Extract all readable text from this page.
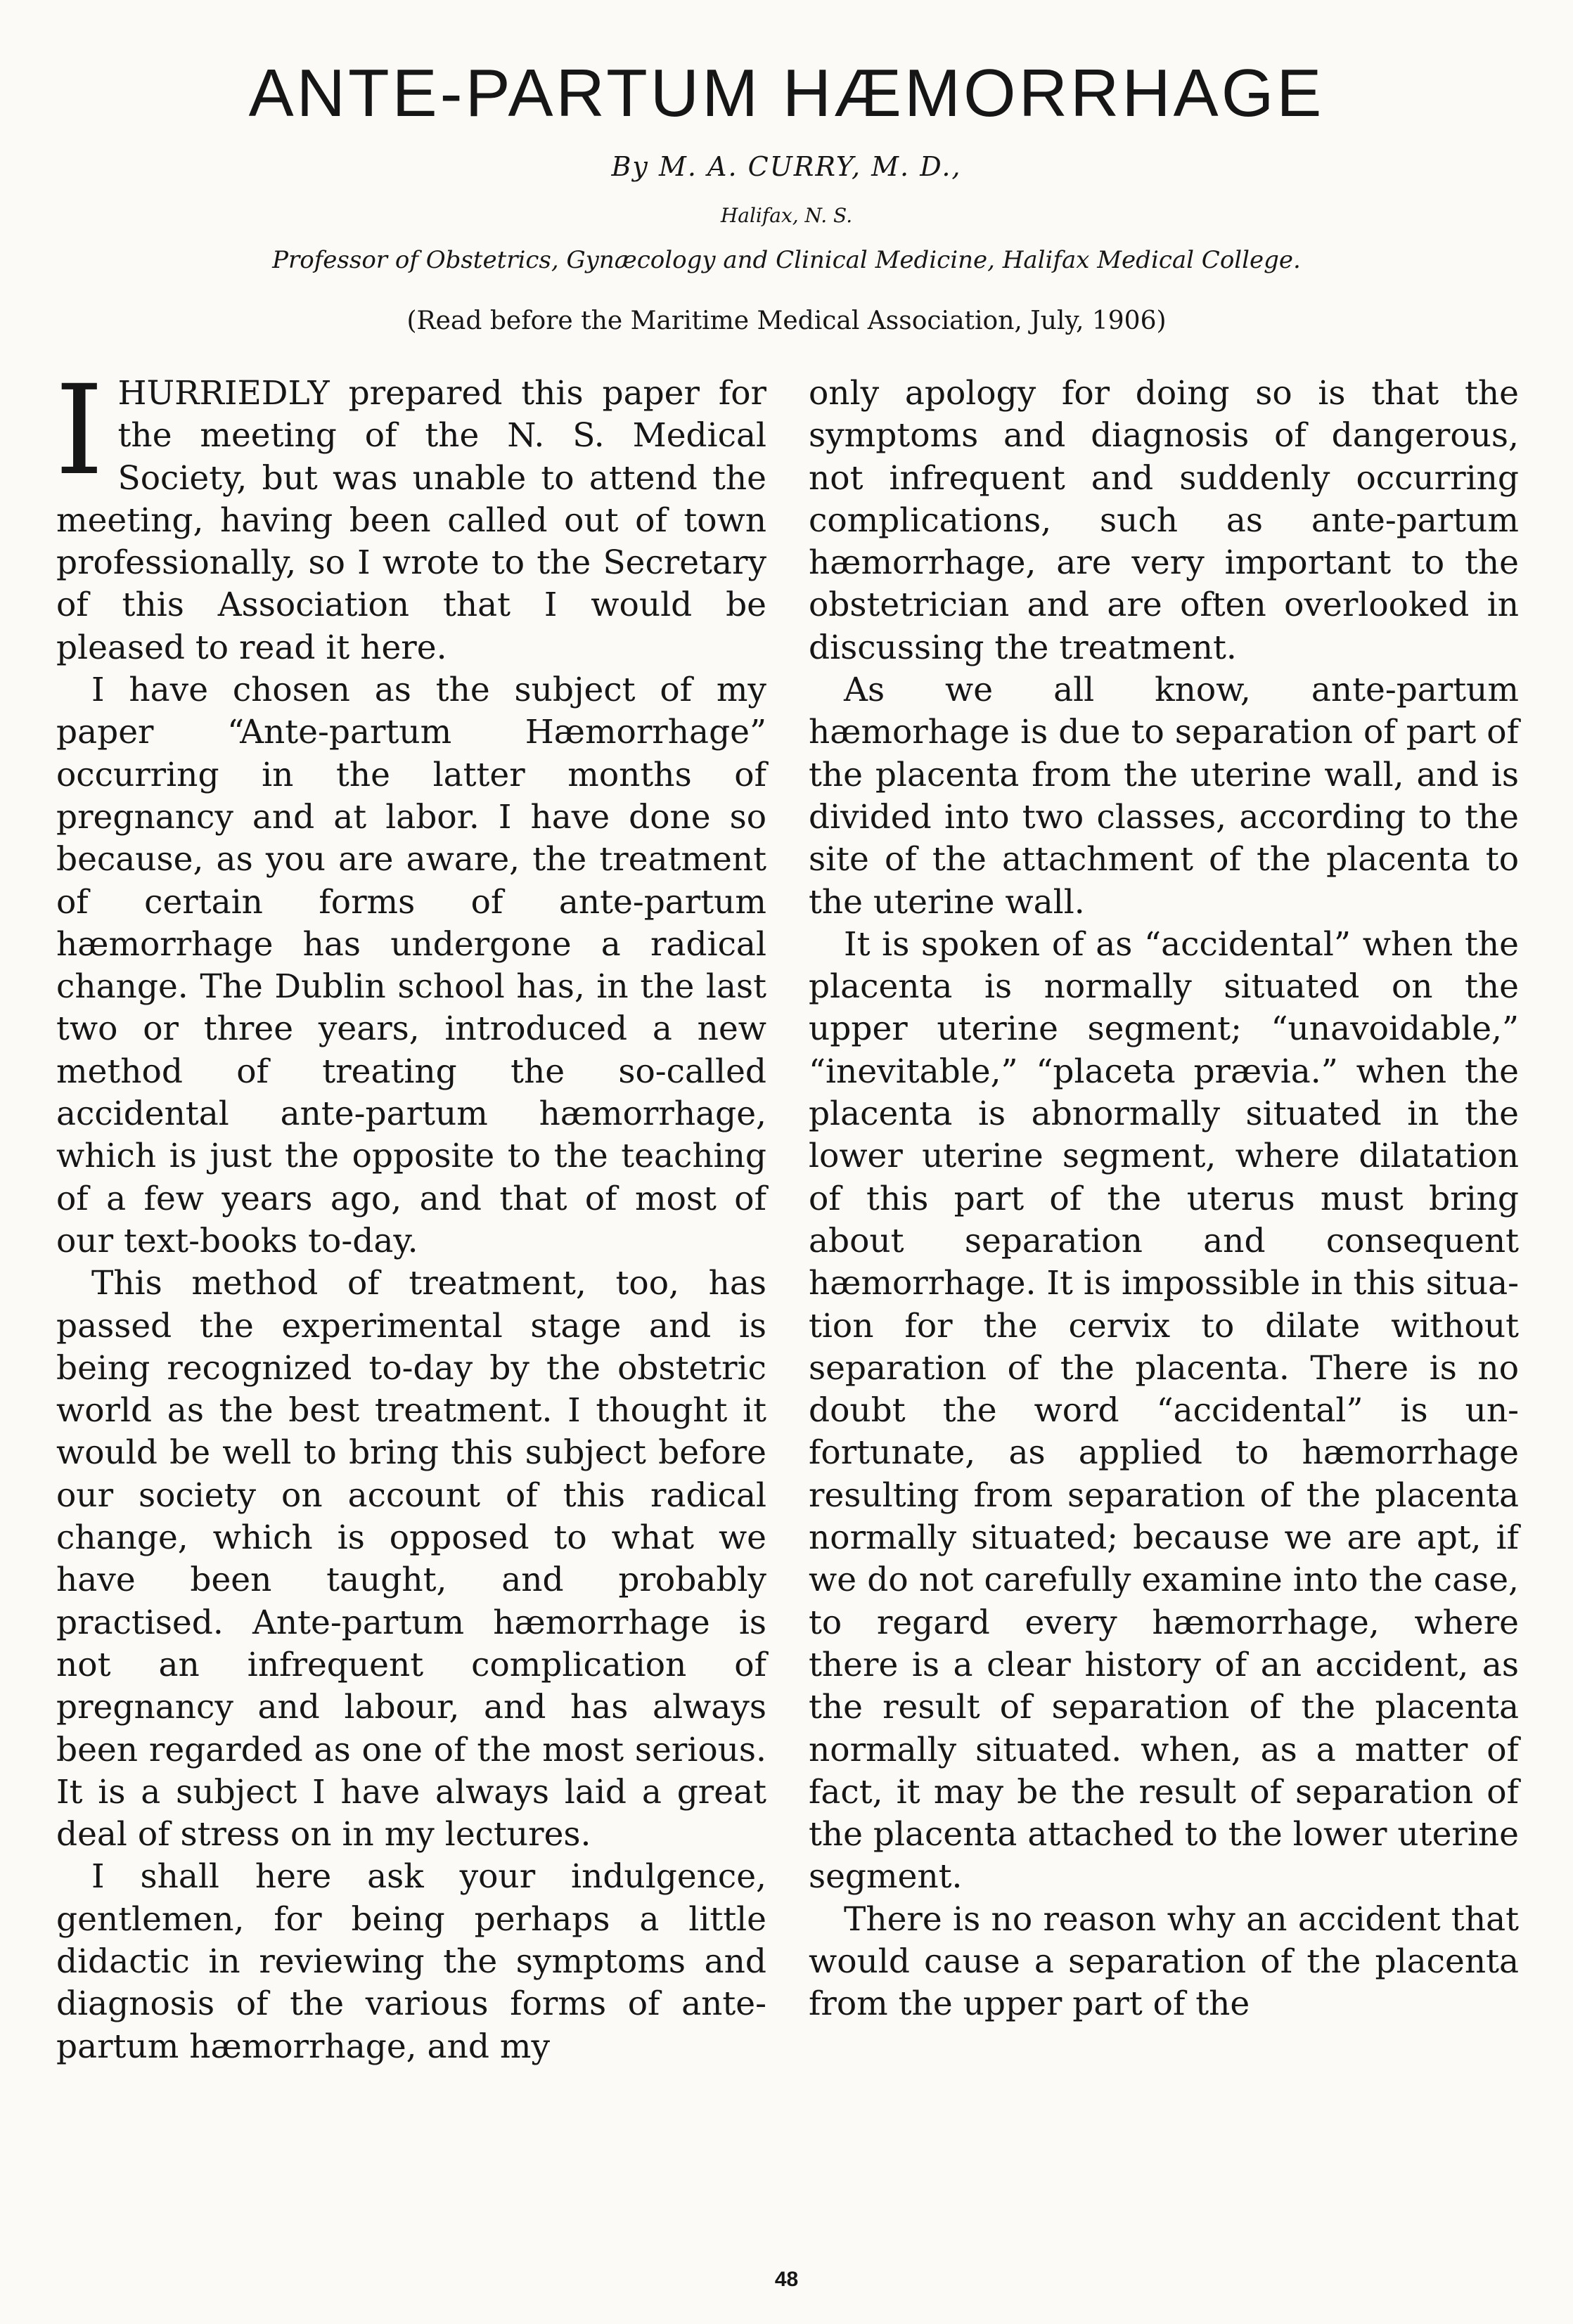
ANTE-PARTUM HÆMORRHAGE
By M. A. CURRY, M. D.,
Halifax, N. S.
Professor of Obstetrics, Gynæcology and Clinical Medicine, Halifax Medical College.
(Read before the Maritime Medical Association, July, 1906)

IHURRIEDLY prepared this paper for the meeting of the N. S. Medical Society, but was unable to attend the meeting, having been called out of town professionally, so I wrote to the Secretary of this Association that I would be pleased to read it here.

I have chosen as the subject of my paper “Ante-partum Hæmorrhage” occurring in the latter months of pregnancy and at labor. I have done so because, as you are aware, the treatment of certain forms of ante-partum hæmorrhage has undergone a radical change. The Dublin school has, in the last two or three years, introduced a new method of treating the so-called accidental ante-partum hæmorrhage, which is just the opposite to the teaching of a few years ago, and that of most of our text-books to-day.

This method of treatment, too, has passed the experimental stage and is being recognized to-day by the obstetric world as the best treatment. I thought it would be well to bring this subject before our society on account of this radical change, which is opposed to what we have been taught, and probably practised. Ante-partum hæmorrhage is not an infrequent complication of pregnancy and labour, and has always been regarded as one of the most serious. It is a subject I have always laid a great deal of stress on in my lectures.

I shall here ask your indulgence, gentlemen, for being perhaps a little didactic in reviewing the symptoms and diagnosis of the various forms of ante-partum hæmorrhage, and my

only apology for doing so is that the symptoms and diagnosis of dangerous, not infrequent and suddenly occurring complications, such as ante-partum hæmorrhage, are very important to the obstetrician and are often overlooked in discussing the treatment.

As we all know, ante-partum hæmorhage is due to separation of part of the placenta from the uterine wall, and is divided into two classes, according to the site of the attachment of the placenta to the uterine wall.

It is spoken of as “accidental” when the placenta is normally situated on the upper uterine segment; “unavoidable,” “inevitable,” “placeta prævia.” when the placenta is abnormally situated in the lower uterine segment, where dilatation of this part of the uterus must bring about separation and consequent hæmorrhage. It is impossible in this situation for the cervix to dilate without separation of the placenta. There is no doubt the word “accidental” is unfortunate, as applied to hæmorrhage resulting from separation of the placenta normally situated; because we are apt, if we do not carefully examine into the case, to regard every hæmorrhage, where there is a clear history of an accident, as the result of separation of the placenta normally situated. when, as a matter of fact, it may be the result of separation of the placenta attached to the lower uterine segment.

There is no reason why an accident that would cause a separation of the placenta from the upper part of the

48
